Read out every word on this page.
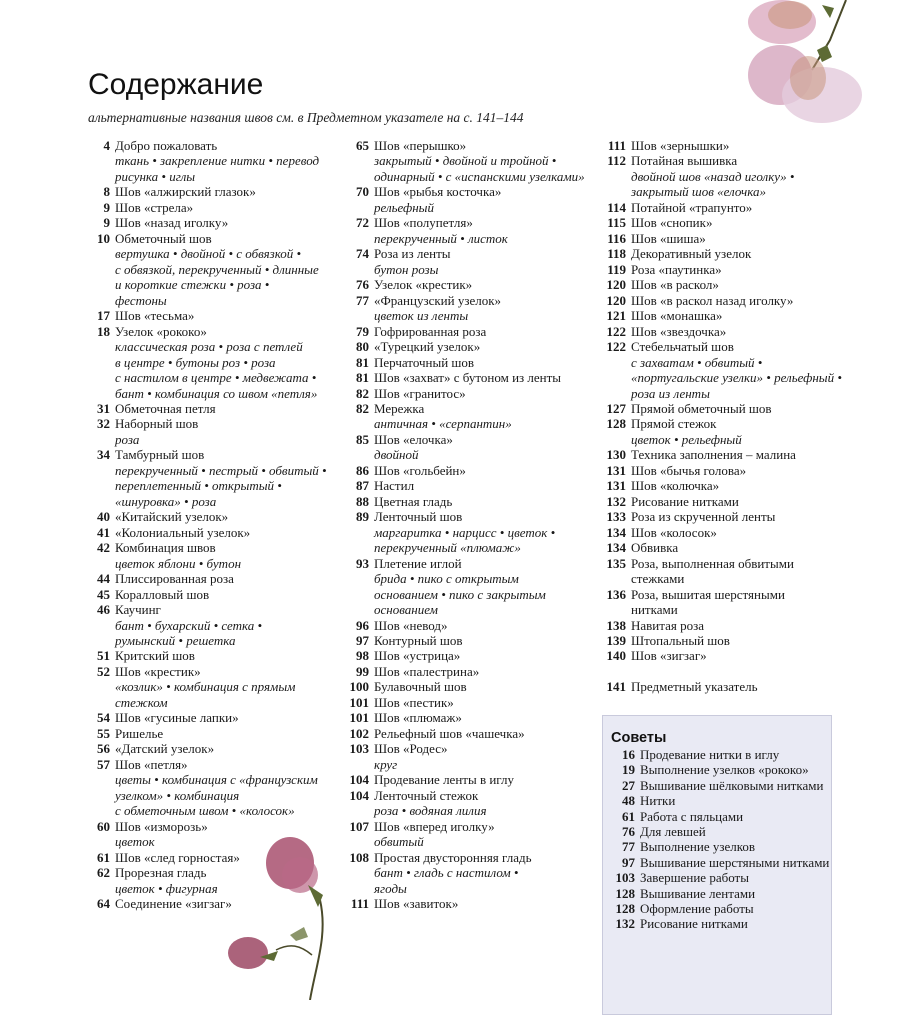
Содержание
альтернативные названия швов см. в Предметном указателе на с. 141–144
4 Добро пожаловать
ткань • закрепление нитки • перевод
рисунка • иглы
8 Шов «алжирский глазок»
9 Шов «стрела»
9 Шов «назад иголку»
10 Обметочный шов
вертушка • двойной • с обвязкой •
с обвязкой, перекрученный • длинные
и короткие стежки • роза •
фестоны
17 Шов «тесьма»
18 Узелок «рококо»
классическая роза • роза с петлей
в центре • бутоны роз • роза
с настилом в центре • медвежата •
бант • комбинация со швом «петля»
31 Обметочная петля
32 Наборный шов
роза
34 Тамбурный шов
перекрученный • пестрый • обвитый •
переплетенный • открытый •
«шнуровка» • роза
40 «Китайский узелок»
41 «Колониальный узелок»
42 Комбинация швов
цветок яблони • бутон
44 Плиссированная роза
45 Коралловый шов
46 Каучинг
бант • бухарский • сетка •
румынский • решетка
51 Критский шов
52 Шов «крестик»
«козлик» • комбинация с прямым
стежком
54 Шов «гусиные лапки»
55 Ришелье
56 «Датский узелок»
57 Шов «петля»
цветы • комбинация с «французским
узелком» • комбинация
с обметочным швом • «колосок»
60 Шов «изморозь»
цветок
61 Шов «след горностая»
62 Прорезная гладь
цветок • фигурная
64 Соединение «зигзаг»
65 Шов «перышко»
закрытый • двойной и тройной •
одинарный • с «испанскими узелками»
70 Шов «рыбья косточка»
рельефный
72 Шов «полупетля»
перекрученный • листок
74 Роза из ленты
бутон розы
76 Узелок «крестик»
77 «Французский узелок»
цветок из ленты
79 Гофрированная роза
80 «Турецкий узелок»
81 Перчаточный шов
81 Шов «захват» с бутоном из ленты
82 Шов «гранитос»
82 Мережка
античная • «серпантин»
85 Шов «елочка»
двойной
86 Шов «гольбейн»
87 Настил
88 Цветная гладь
89 Ленточный шов
маргаритка • нарцисс • цветок •
перекрученный «плюмаж»
93 Плетение иглой
брида • пико с открытым
основанием • пико с закрытым
основанием
96 Шов «невод»
97 Контурный шов
98 Шов «устрица»
99 Шов «палестрина»
100 Булавочный шов
101 Шов «пестик»
101 Шов «плюмаж»
102 Рельефный шов «чашечка»
103 Шов «Родес»
круг
104 Продевание ленты в иглу
104 Ленточный стежок
роза • водяная лилия
107 Шов «вперед иголку»
обвитый
108 Простая двусторонняя гладь
бант • гладь с настилом •
ягоды
111 Шов «завиток»
111 Шов «зернышки»
112 Потайная вышивка
двойной шов «назад иголку» •
закрытый шов «елочка»
114 Потайной «трапунто»
115 Шов «снопик»
116 Шов «шиша»
118 Декоративный узелок
119 Роза «паутинка»
120 Шов «в раскол»
120 Шов «в раскол назад иголку»
121 Шов «монашка»
122 Шов «звездочка»
122 Стебельчатый шов
с захватам • обвитый •
«португальские узелки» • рельефный •
роза из ленты
127 Прямой обметочный шов
128 Прямой стежок
цветок • рельефный
130 Техника заполнения – малина
131 Шов «бычья голова»
131 Шов «колючка»
132 Рисование нитками
133 Роза из скрученной ленты
134 Шов «колосок»
134 Обвивка
135 Роза, выполненная обвитыми стежками
136 Роза, вышитая шерстяными нитками
138 Навитая роза
139 Штопальный шов
140 Шов «зигзаг»
141 Предметный указатель
Советы
16 Продевание нитки в иглу
19 Выполнение узелков «рококо»
27 Вышивание шёлковыми нитками
48 Нитки
61 Работа с пяльцами
76 Для левшей
77 Выполнение узелков
97 Вышивание шерстяными нитками
103 Завершение работы
128 Вышивание лентами
128 Оформление работы
132 Рисование нитками
